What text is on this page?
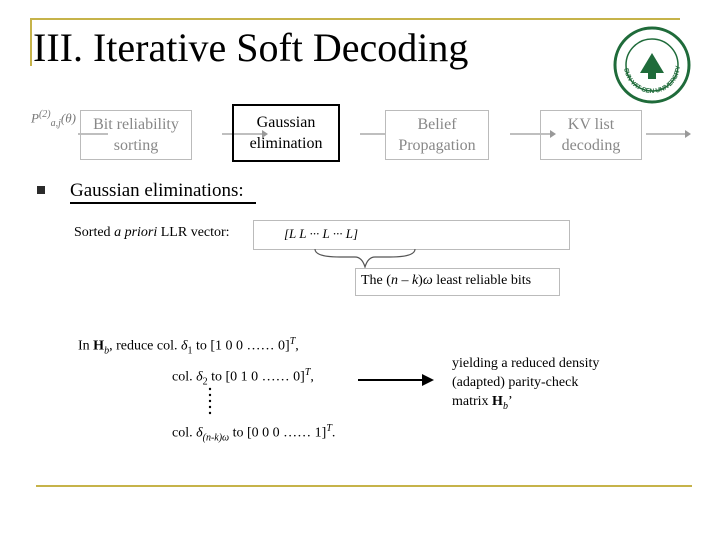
III. Iterative Soft Decoding
SUN YAT-SEN UNIVERSITY
$P^{(2)}_{a,j}(\theta)$	Bit reliability sorting
Gaussian elimination
Belief Propagation
KV list decoding
Gaussian eliminations:
Sorted a priori LLR vector:	[L L ··· L ··· L]
The (n – k)ω least reliable bits
In $H_b$, reduce col. $\delta_1$ to [1 0 0 …… 0]$^T$,
col. $\delta_2$ to [0 1 0 …… 0]$^T$,
col. $\delta_{(n-k)\omega}$ to [0 0 0 …… 1]$^T$.
yielding a reduced density
(adapted) parity-check
matrix $H_b$’
